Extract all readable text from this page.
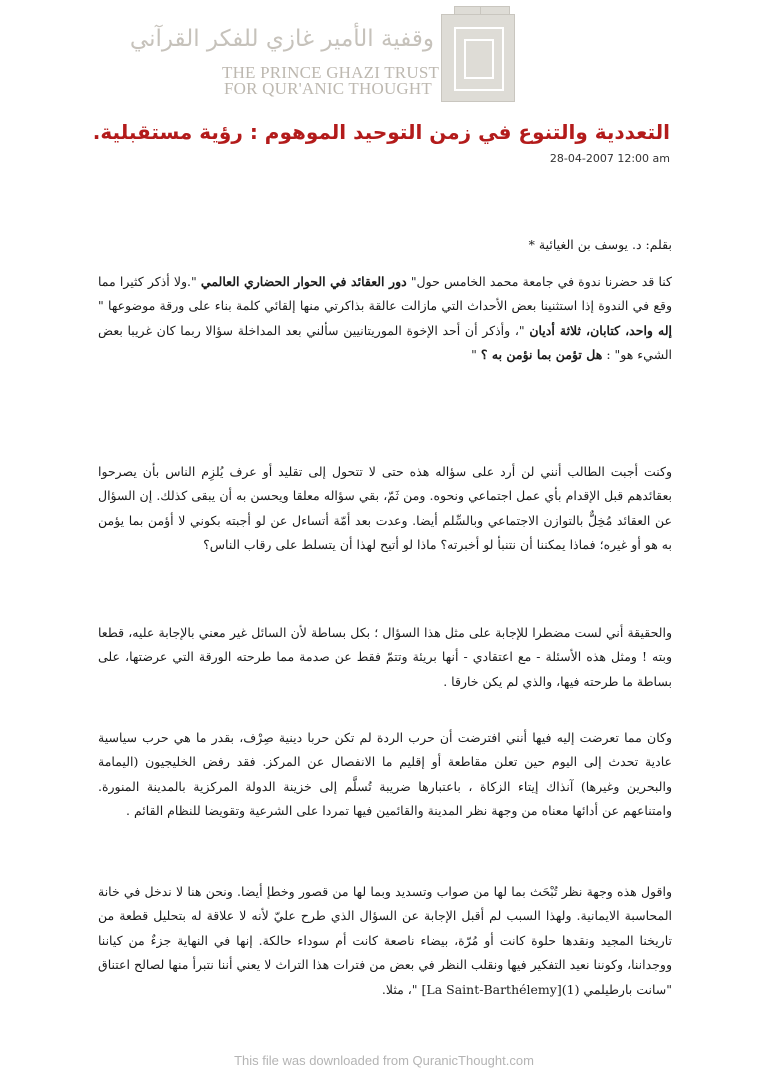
وقفية الأمير غازي للفكر القرآني
THE PRINCE GHAZI TRUST
FOR QUR'ANIC THOUGHT
التعددية والتنوع في زمن التوحيد الموهوم : رؤية مستقبلية.
28-04-2007 12:00 am
بقلم: د. يوسف بن الغيائية *
كنا قد حضرنا ندوة في جامعة محمد الخامس حول" دور العقائد في الحوار الحضاري العالمي ".ولا أذكر كثيرا مما وقع في الندوة إذا استثنينا بعض الأحداث التي مازالت عالقة بذاكرتي منها إلقائي كلمة بناء على ورقة موضوعها " إله واحد، كتابان، ثلاثة أديان "، وأذكر أن أحد الإخوة الموريتانيين سألني بعد المداخلة سؤالا ربما كان غريبا بعض الشيء هو" : هل تؤمن بما نؤمن به ؟ "
وكنت أجبت الطالب أنني لن أرد على سؤاله هذه حتى لا تتحول إلى تقليد أو عرف يُلزِم الناس بأن يصرحوا بعقائدهم قبل الإقدام بأي عمل اجتماعي ونحوه. ومن ثَمّ، بقي سؤاله معلقا ويحسن به أن يبقى كذلك. إن السؤال عن العقائد مُخِلٌّ بالتوازن الاجتماعي وبالسِّلم أيضا. وعدت بعد أمّة أتساءل عن لو أجبته بكوني لا أؤمن بما يؤمن به هو أو غيره؛ فماذا يمكننا أن نتنبأ لو أخبرته؟ ماذا لو أتيح لهذا أن يتسلط على رقاب الناس؟
والحقيقة أني لست مضطرا للإجابة على مثل هذا السؤال ؛ بكل بساطة لأن السائل غير معني بالإجابة عليه، قطعا وبته ! ومثل هذه الأسئلة - مع اعتقادي - أنها بريئة وتتمّ فقط عن صدمة مما طرحته الورقة التي عرضتها، على بساطة ما طرحته فيها، والذي لم يكن خارقا .
وكان مما تعرضت إليه فيها أنني افترضت أن حرب الردة لم تكن حربا دينية صِرْف، بقدر ما هي حرب سياسية عادية تحدث إلى اليوم حين تعلن مقاطعة أو إقليم ما الانفصال عن المركز. فقد رفض الخليجيون (اليمامة والبحرين وغيرها) آنذاك إيتاء الزكاة ، باعتبارها ضريبة تُسلَّم إلى خزينة الدولة المركزية بالمدينة المنورة. وامتناعهم عن أدائها معناه من وجهة نظر المدينة والقائمين فيها تمردا على الشرعية وتقويضا للنظام القائم .
واقول هذه وجهة نظر تُبْحَث بما لها من صواب وتسديد وبما لها من قصور وخطإ أيضا. ونحن هنا لا ندخل في خانة المحاسبة الايمانية. ولهذا السبب لم أقبل الإجابة عن السؤال الذي طرح عليّ لأنه لا علاقة له بتحليل قطعة من تاريخنا المجيد ونقدها حلوة كانت أو مُرّة، بيضاء ناصعة كانت أم سوداء حالكة. إنها في النهاية جزءٌ من كياننا ووجداننا، وكوننا نعيد التفكير فيها ونقلب النظر في بعض من فترات هذا التراث لا يعني أننا نتبرأ منها لصالح اعتناق "سانت بارطيلمي (1)[La Saint-Barthélemy] "، مثلا.
This file was downloaded from QuranicThought.com
